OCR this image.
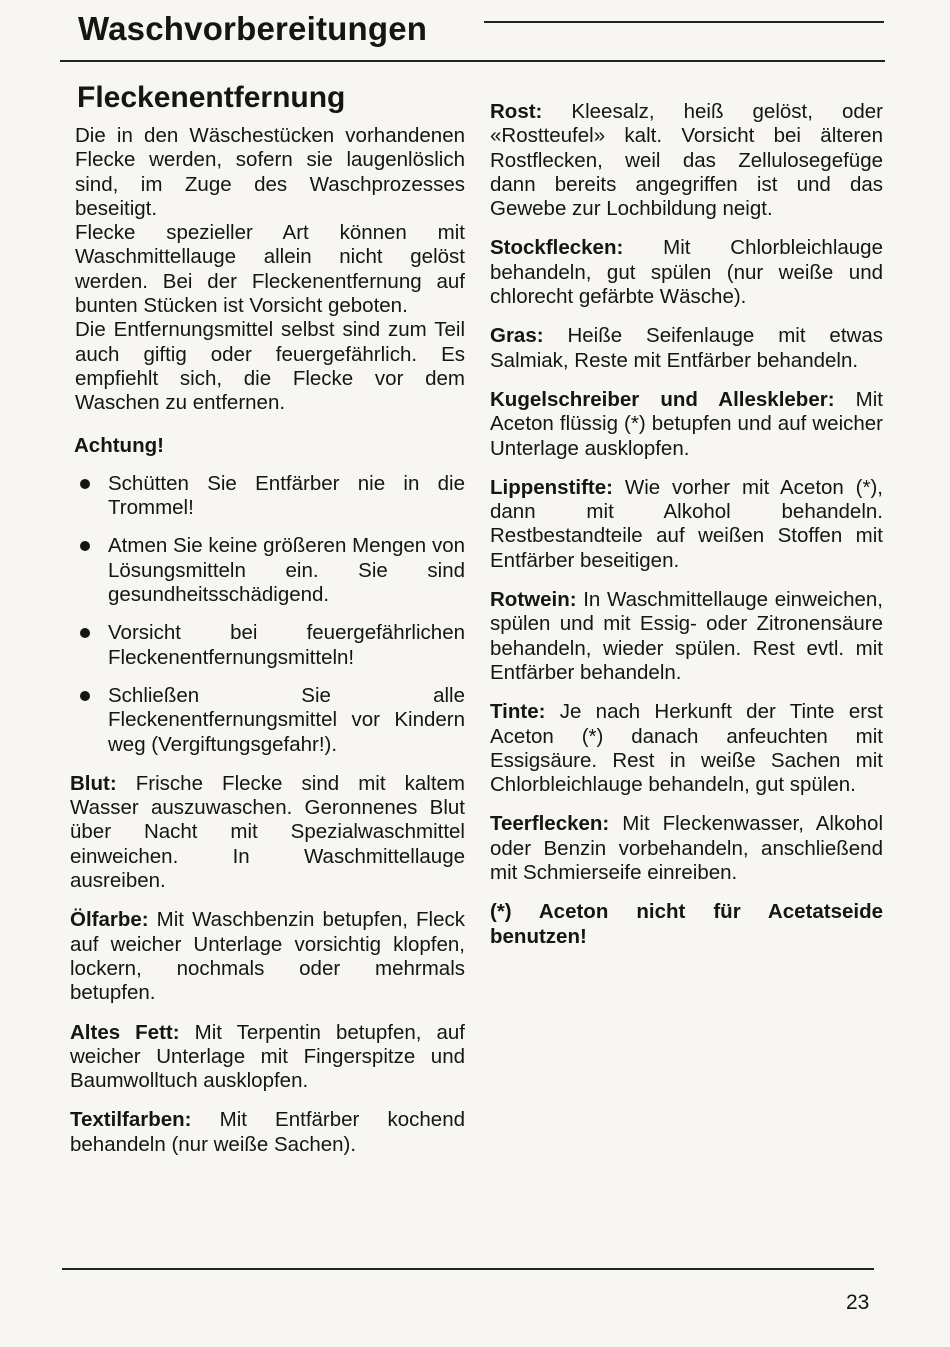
Waschvorbereitungen
Fleckenentfernung

Die in den Wäschestücken vorhandenen Flecke werden, sofern sie laugenlöslich sind, im Zuge des Waschprozesses beseitigt.

Flecke spezieller Art können mit Waschmittellauge allein nicht gelöst werden. Bei der Fleckenentfernung auf bunten Stücken ist Vorsicht geboten.

Die Entfernungsmittel selbst sind zum Teil auch giftig oder feuergefährlich. Es empfiehlt sich, die Flecke vor dem Waschen zu entfernen.

Achtung!
Schütten Sie Entfärber nie in die Trommel!
Atmen Sie keine größeren Mengen von Lösungsmitteln ein. Sie sind gesundheitsschädigend.
Vorsicht bei feuergefährlichen Fleckenentfernungsmitteln!
Schließen Sie alle Fleckenentfernungsmittel vor Kindern weg (Vergiftungsgefahr!).

Blut: Frische Flecke sind mit kaltem Wasser auszuwaschen. Geronnenes Blut über Nacht mit Spezialwaschmittel einweichen. In Waschmittellauge ausreiben.

Ölfarbe: Mit Waschbenzin betupfen, Fleck auf weicher Unterlage vorsichtig klopfen, lockern, nochmals oder mehrmals betupfen.

Altes Fett: Mit Terpentin betupfen, auf weicher Unterlage mit Fingerspitze und Baumwolltuch ausklopfen.

Textilfarben: Mit Entfärber kochend behandeln (nur weiße Sachen).

Rost: Kleesalz, heiß gelöst, oder «Rostteufel» kalt. Vorsicht bei älteren Rostflecken, weil das Zellulosegefüge dann bereits angegriffen ist und das Gewebe zur Lochbildung neigt.

Stockflecken: Mit Chlorbleichlauge behandeln, gut spülen (nur weiße und chlorecht gefärbte Wäsche).

Gras: Heiße Seifenlauge mit etwas Salmiak, Reste mit Entfärber behandeln.

Kugelschreiber und Alleskleber: Mit Aceton flüssig (*) betupfen und auf weicher Unterlage ausklopfen.

Lippenstifte: Wie vorher mit Aceton (*), dann mit Alkohol behandeln. Restbestandteile auf weißen Stoffen mit Entfärber beseitigen.

Rotwein: In Waschmittellauge einweichen, spülen und mit Essig- oder Zitronensäure behandeln, wieder spülen. Rest evtl. mit Entfärber behandeln.

Tinte: Je nach Herkunft der Tinte erst Aceton (*) danach anfeuchten mit Essigsäure. Rest in weiße Sachen mit Chlorbleichlauge behandeln, gut spülen.

Teerflecken: Mit Fleckenwasser, Alkohol oder Benzin vorbehandeln, anschließend mit Schmierseife einreiben.

(*) Aceton nicht für Acetatseide benutzen!

23
